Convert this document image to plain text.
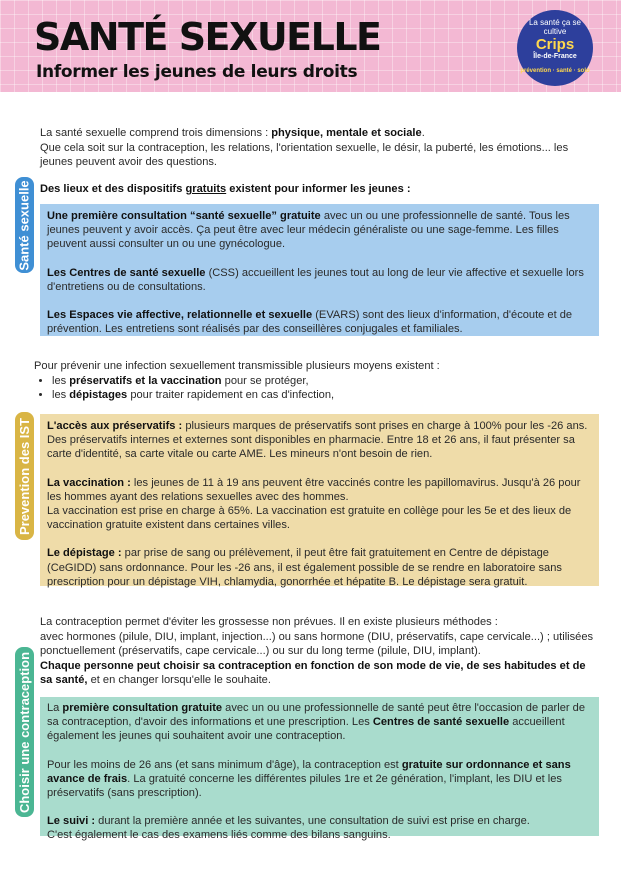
SANTÉ SEXUELLE
Informer les jeunes de leurs droits
La santé ça se cultive
Crips
Île-de-France
prévention · santé · solo
La santé sexuelle comprend trois dimensions : physique, mentale et sociale.
Que cela soit sur la contraception, les relations, l'orientation sexuelle, le désir, la puberté, les émotions... les jeunes peuvent avoir des questions.
Santé sexuelle Des lieux et des dispositifs gratuits existent pour informer les jeunes :

Une première consultation “santé sexuelle” gratuite avec un ou une professionnelle de santé. Tous les jeunes peuvent y avoir accès. Ça peut être avec leur médecin généraliste ou une sage-femme. Les filles peuvent aussi consulter un ou une gynécologue.

Les Centres de santé sexuelle (CSS) accueillent les jeunes tout au long de leur vie affective et sexuelle lors d'entretiens ou de consultations.

Les Espaces vie affective, relationnelle et sexuelle (EVARS) sont des lieux d'information, d'écoute et de prévention. Les entretiens sont réalisés par des conseillères conjugales et familiales.

Pour prévenir une infection sexuellement transmissible plusieurs moyens existent :
• les préservatifs et la vaccination pour se protéger,
• les dépistages pour traiter rapidement en cas d'infection,
Prevention des IST L'accès aux préservatifs : plusieurs marques de préservatifs sont prises en charge à 100% pour les -26 ans. Des préservatifs internes et externes sont disponibles en pharmacie. Entre 18 et 26 ans, il faut présenter sa carte d'identité, sa carte vitale ou carte AME. Les mineurs n'ont besoin de rien.

La vaccination : les jeunes de 11 à 19 ans peuvent être vaccinés contre les papillomavirus. Jusqu'à 26 pour les hommes ayant des relations sexuelles avec des hommes.
La vaccination est prise en charge à 65%. La vaccination est gratuite en collège pour les 5e et des lieux de vaccination gratuite existent dans certaines villes.

Le dépistage : par prise de sang ou prélèvement, il peut être fait gratuitement en Centre de dépistage (CeGIDD) sans ordonnance. Pour les -26 ans, il est également possible de se rendre en laboratoire sans prescription pour un dépistage VIH, chlamydia, gonorrhée et hépatite B. Le dépistage sera gratuit.

La contraception permet d'éviter les grossesse non prévues. Il en existe plusieurs méthodes :
avec hormones (pilule, DIU, implant, injection...) ou sans hormone (DIU, préservatifs, cape cervicale...) ; utilisées ponctuellement (préservatifs, cape cervicale...) ou sur du long terme (pilule, DIU, implant).
Chaque personne peut choisir sa contraception en fonction de son mode de vie, de ses habitudes et de sa santé, et en changer lorsqu'elle le souhaite.
Choisir une contraception La première consultation gratuite avec un ou une professionnelle de santé peut être l'occasion de parler de sa contraception, d'avoir des informations et une prescription. Les Centres de santé sexuelle accueillent également les jeunes qui souhaitent avoir une contraception.

Pour les moins de 26 ans (et sans minimum d'âge), la contraception est gratuite sur ordonnance et sans avance de frais. La gratuité concerne les différentes pilules 1re et 2e génération, l'implant, les DIU et les préservatifs (sans prescription).

Le suivi : durant la première année et les suivantes, une consultation de suivi est prise en charge.
C'est également le cas des examens liés comme des bilans sanguins.
